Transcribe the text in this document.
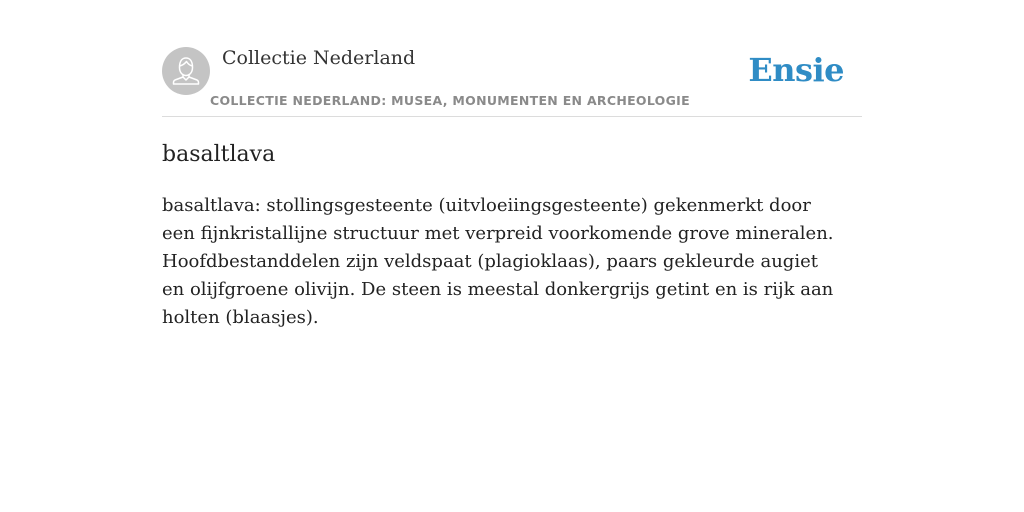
Collectie Nederland
COLLECTIE NEDERLAND: MUSEA, MONUMENTEN EN ARCHEOLOGIE
Ensie
basaltlava

basaltlava: stollingsgesteente (uitvloeiingsgesteente) gekenmerkt door een fijnkristallijne structuur met verpreid voorkomende grove mineralen. Hoofdbestanddelen zijn veldspaat (plagioklaas), paars gekleurde augiet en olijfgroene olivijn. De steen is meestal donkergrijs getint en is rijk aan holten (blaasjes).
